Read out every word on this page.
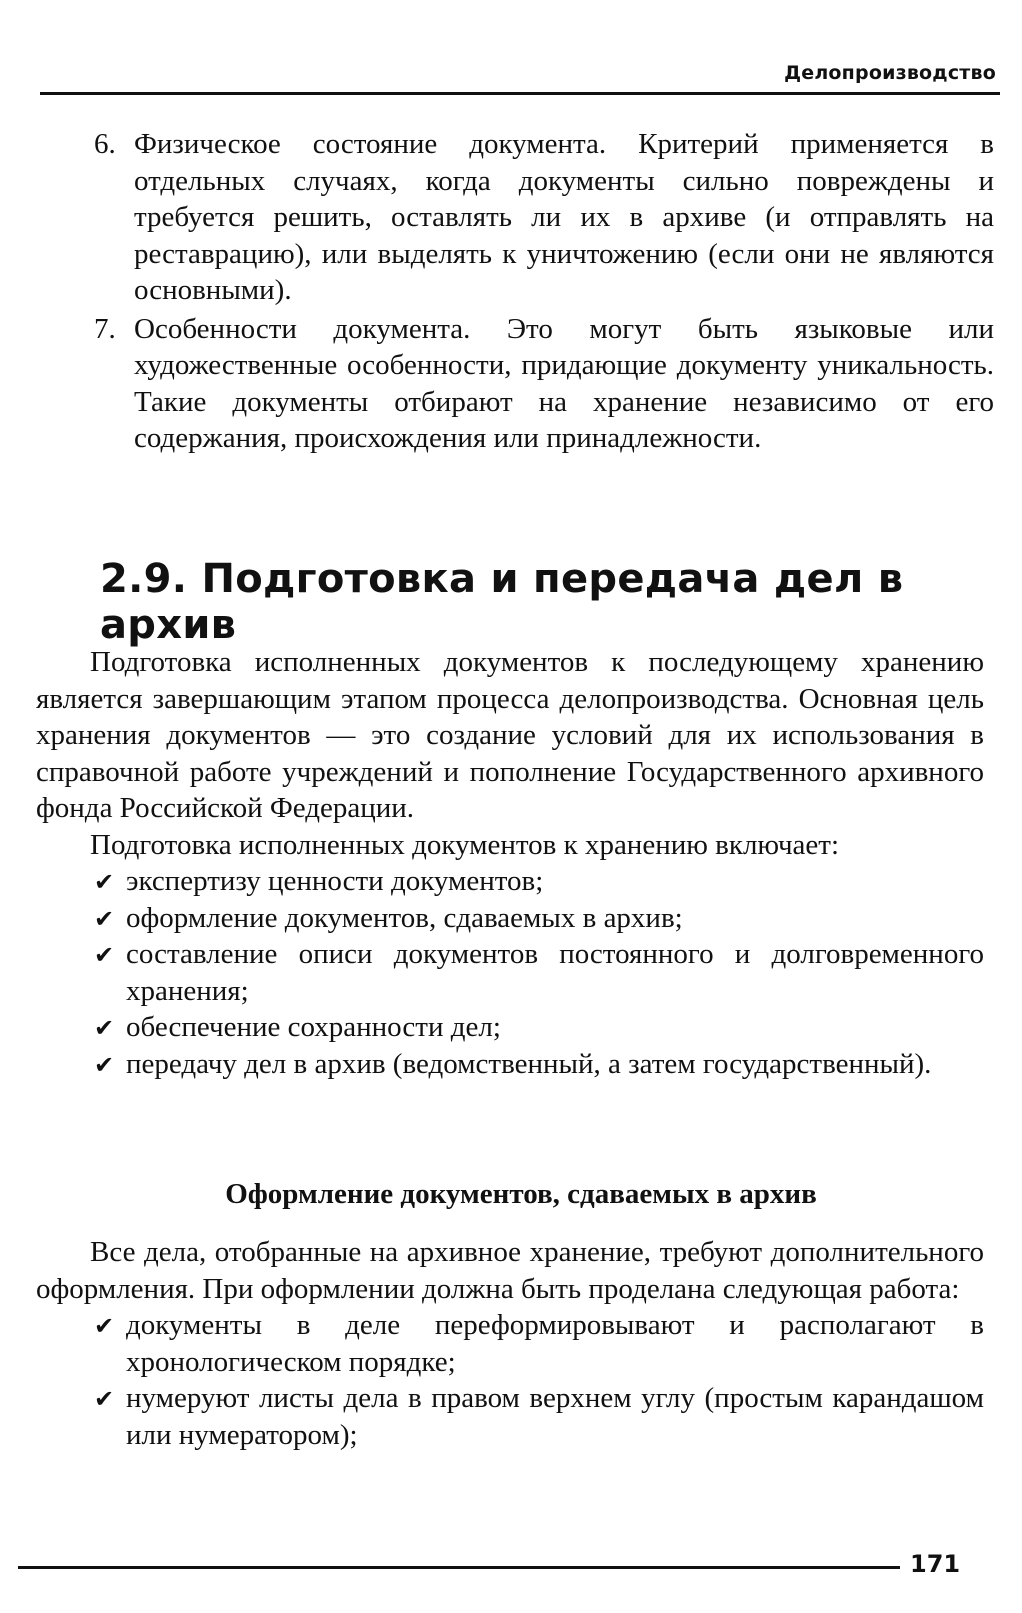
Делопроизводство
6. Физическое состояние документа. Критерий применяется в отдельных случаях, когда документы сильно повреждены и требуется решить, оставлять ли их в архиве (и отправлять на реставрацию), или выделять к уничтожению (если они не являются основными).
7. Особенности документа. Это могут быть языковые или художественные особенности, придающие документу уникальность. Такие документы отбирают на хранение независимо от его содержания, происхождения или принадлежности.
2.9. Подготовка и передача дел в архив

Подготовка исполненных документов к последующему хранению является завершающим этапом процесса делопроизводства. Основная цель хранения документов — это создание условий для их использования в справочной работе учреждений и пополнение Государственного архивного фонда Российской Федерации.

Подготовка исполненных документов к хранению включает:

✔ экспертизу ценности документов;
✔ оформление документов, сдаваемых в архив;
✔ составление описи документов постоянного и долговременного хранения;
✔ обеспечение сохранности дел;
✔ передачу дел в архив (ведомственный, а затем государственный).
Оформление документов, сдаваемых в архив

Все дела, отобранные на архивное хранение, требуют дополнительного оформления. При оформлении должна быть проделана следующая работа:

✔ документы в деле переформировывают и располагают в хронологическом порядке;
✔ нумеруют листы дела в правом верхнем углу (простым карандашом или нумератором);
171
